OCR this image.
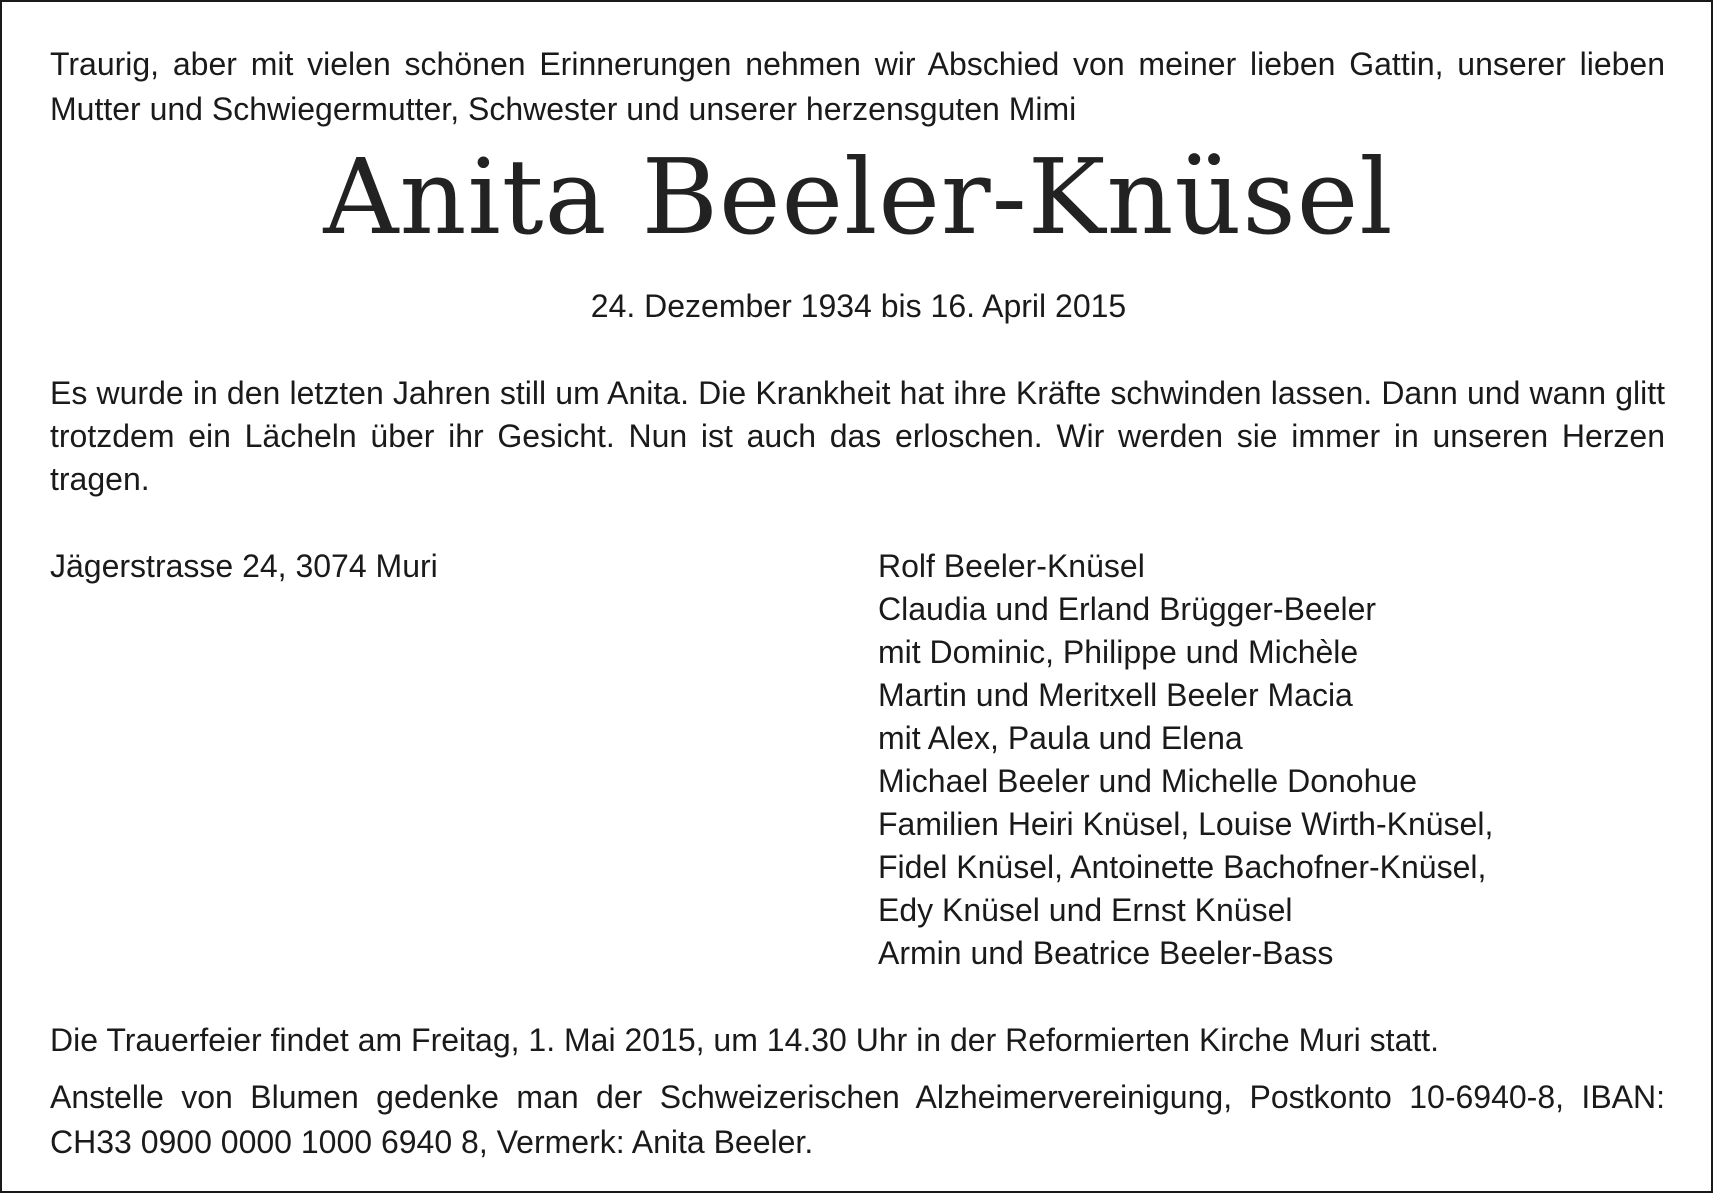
Traurig, aber mit vielen schönen Erinnerungen nehmen wir Abschied von meiner lieben Gattin, unserer lieben Mutter und Schwiegermutter, Schwester und unserer herzensguten Mimi

Anita Beeler-Knüsel
24. Dezember 1934 bis 16. April 2015

Es wurde in den letzten Jahren still um Anita. Die Krankheit hat ihre Kräfte schwinden lassen. Dann und wann glitt trotzdem ein Lächeln über ihr Gesicht. Nun ist auch das erloschen. Wir werden sie immer in unseren Herzen tragen.

Jägerstrasse 24, 3074 Muri	Rolf Beeler-Knüsel
Claudia und Erland Brügger-Beeler
mit Dominic, Philippe und Michèle
Martin und Meritxell Beeler Macia
mit Alex, Paula und Elena
Michael Beeler und Michelle Donohue
Familien Heiri Knüsel, Louise Wirth-Knüsel,
Fidel Knüsel, Antoinette Bachofner-Knüsel,
Edy Knüsel und Ernst Knüsel
Armin und Beatrice Beeler-Bass
Die Trauerfeier findet am Freitag, 1. Mai 2015, um 14.30 Uhr in der Reformierten Kirche Muri statt.

Anstelle von Blumen gedenke man der Schweizerischen Alzheimervereinigung, Postkonto 10-6940-8, IBAN: CH33 0900 0000 1000 6940 8, Vermerk: Anita Beeler.
